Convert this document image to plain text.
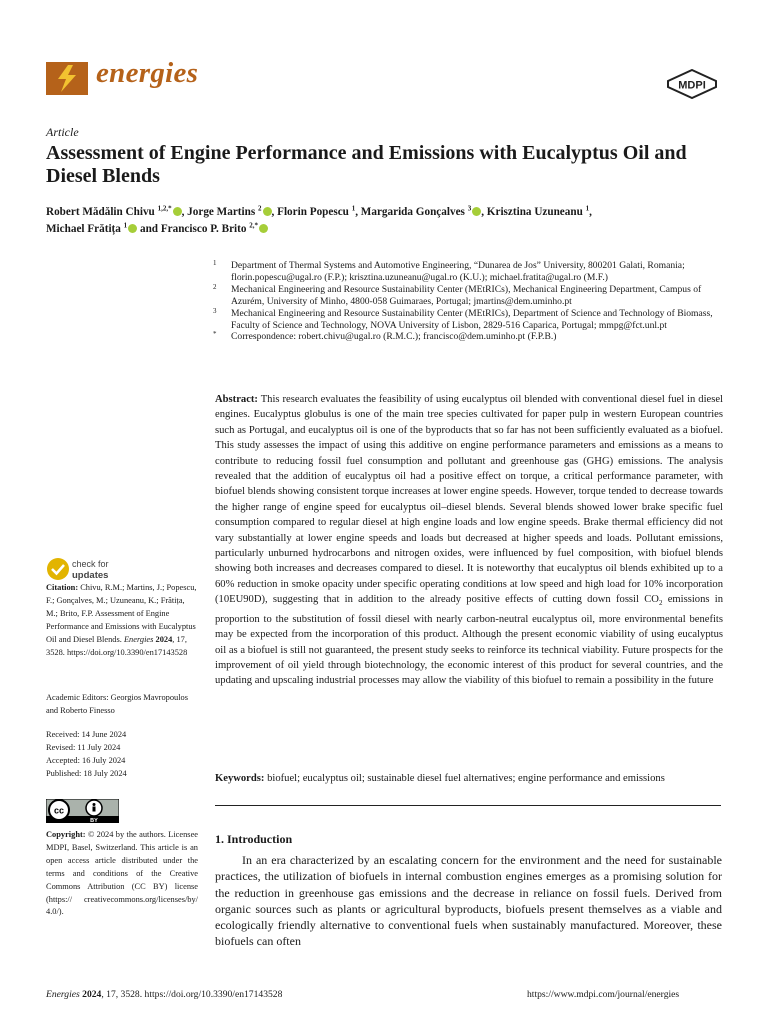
energies	MDPI
Article
Assessment of Engine Performance and Emissions with Eucalyptus Oil and Diesel Blends
Robert Mădălin Chivu $^{1,2,*}$ , Jorge Martins $^2$ , Florin Popescu $^1$, Margarida Gonçalves $^3$ , Krisztina Uzuneanu $^1$,
Michael Frătița $^1$ and Francisco P. Brito $^{2,*}$
1 Department of Thermal Systems and Automotive Engineering, “Dunarea de Jos” University, 800201 Galati, Romania; florin.popescu@ugal.ro (F.P.); krisztina.uzuneanu@ugal.ro (K.U.); michael.fratita@ugal.ro (M.F.)
2 Mechanical Engineering and Resource Sustainability Center (MEtRICs), Mechanical Engineering Department, Campus of Azurém, University of Minho, 4800-058 Guimaraes, Portugal; jmartins@dem.uminho.pt
3 Mechanical Engineering and Resource Sustainability Center (MEtRICs), Department of Science and Technology of Biomass, Faculty of Science and Technology, NOVA University of Lisbon, 2829-516 Caparica, Portugal; mmpg@fct.unl.pt
* Correspondence: robert.chivu@ugal.ro (R.M.C.); francisco@dem.uminho.pt (F.P.B.)
Abstract: This research evaluates the feasibility of using eucalyptus oil blended with conventional diesel fuel in diesel engines. Eucalyptus globulus is one of the main tree species cultivated for paper pulp in western European countries such as Portugal, and eucalyptus oil is one of the byproducts that so far has not been sufficiently evaluated as a biofuel. This study assesses the impact of using this additive on engine performance parameters and emissions as a means to contribute to reducing fossil fuel consumption and pollutant and greenhouse gas (GHG) emissions. The analysis revealed that the addition of eucalyptus oil had a positive effect on torque, a critical performance parameter, with biofuel blends showing consistent torque increases at lower engine speeds. However, torque tended to decrease towards the higher range of engine speed for eucalyptus oil–diesel blends. Several blends showed lower brake specific fuel consumption compared to regular diesel at high engine loads and low engine speeds. Brake thermal efficiency did not vary substantially at lower engine speeds and loads but decreased at higher speeds and loads. Pollutant emissions, particularly unburned hydrocarbons and nitrogen oxides, were influenced by fuel composition, with biofuel blends showing both increases and decreases compared to diesel. It is noteworthy that eucalyptus oil blends exhibited up to a 60% reduction in smoke opacity under specific operating conditions at low speed and high load for 10% incorporation (10EU90D), suggesting that in addition to the already positive effects of cutting down fossil $CO_2$ emissions in proportion to the substitution of fossil diesel with nearly carbon-neutral eucalyptus oil, more environmental benefits may be expected from the incorporation of this product. Although the present economic viability of using eucalyptus oil as a biofuel is still not guaranteed, the present study seeks to reinforce its technical viability. Future prospects for the improvement of oil yield through biotechnology, the economic interest of this product for several countries, and the updating and upscaling industrial processes may allow the viability of this biofuel to remain a possibility in the future
Keywords: biofuel; eucalyptus oil; sustainable diesel fuel alternatives; engine performance and emissions
check for
updates
Citation: Chivu, R.M.; Martins, J.; Popescu, F.; Gonçalves, M.; Uzuneanu, K.; Frătița, M.; Brito, F.P. Assessment of Engine Performance and Emissions with Eucalyptus Oil and Diesel Blends. Energies 2024, 17, 3528. https://doi.org/10.3390/en17143528
Academic Editors: Georgios Mavropoulos and Roberto Finesso
Received: 14 June 2024
Revised: 11 July 2024
Accepted: 16 July 2024
Published: 18 July 2024
cc
BY
Copyright: © 2024 by the authors. Licensee MDPI, Basel, Switzerland. This article is an open access article distributed under the terms and conditions of the Creative Commons Attribution (CC BY) license (https:// creativecommons.org/licenses/by/ 4.0/).
1. Introduction
In an era characterized by an escalating concern for the environment and the need for sustainable practices, the utilization of biofuels in internal combustion engines emerges as a promising solution for the reduction in greenhouse gas emissions and the decrease in reliance on fossil fuels. Derived from organic sources such as plants or agricultural byproducts, biofuels present themselves as a viable and ecologically friendly alternative to conventional fuels when sustainably manufactured. Moreover, these biofuels can often
Energies 2024, 17, 3528. https://doi.org/10.3390/en17143528	https://www.mdpi.com/journal/energies
